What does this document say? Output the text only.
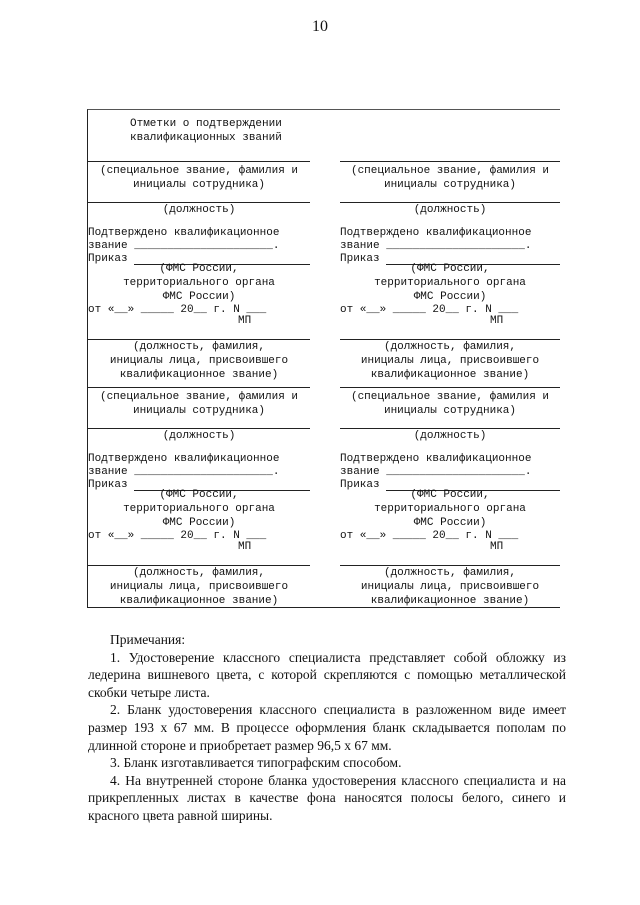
10
Отметки о подтверждении
квалификационных званий
(специальное звание, фамилия и
инициалы сотрудника)
(должность)
Подтверждено квалификационное
звание _____________________.
Приказ
(ФМС России,
территориального органа
ФМС России)
от «__» _____ 20__ г. N ___
МП
(должность, фамилия,
инициалы лица, присвоившего
квалификационное звание)
(специальное звание, фамилия и
инициалы сотрудника)
(должность)
Подтверждено квалификационное
звание _____________________.
Приказ
(ФМС России,
территориального органа
ФМС России)
от «__» _____ 20__ г. N ___
МП
(должность, фамилия,
инициалы лица, присвоившего
квалификационное звание)
(специальное звание, фамилия и
инициалы сотрудника)
(должность)
Подтверждено квалификационное
звание _____________________.
Приказ
(ФМС России,
территориального органа
ФМС России)
от «__» _____ 20__ г. N ___
МП
(должность, фамилия,
инициалы лица, присвоившего
квалификационное звание)
(специальное звание, фамилия и
инициалы сотрудника)
(должность)
Подтверждено квалификационное
звание _____________________.
Приказ
(ФМС России,
территориального органа
ФМС России)
от «__» _____ 20__ г. N ___
МП
(должность, фамилия,
инициалы лица, присвоившего
квалификационное звание)

Примечания:

1. Удостоверение классного специалиста представляет собой обложку из ледерина вишневого цвета, с которой скрепляются с помощью металлической скобки четыре листа.

2. Бланк удостоверения классного специалиста в разложенном виде имеет размер 193 x 67 мм. В процессе оформления бланк складывается пополам по длинной стороне и приобретает размер 96,5 x 67 мм.

3. Бланк изготавливается типографским способом.

4. На внутренней стороне бланка удостоверения классного специалиста и на прикрепленных листах в качестве фона наносятся полосы белого, синего и красного цвета равной ширины.
